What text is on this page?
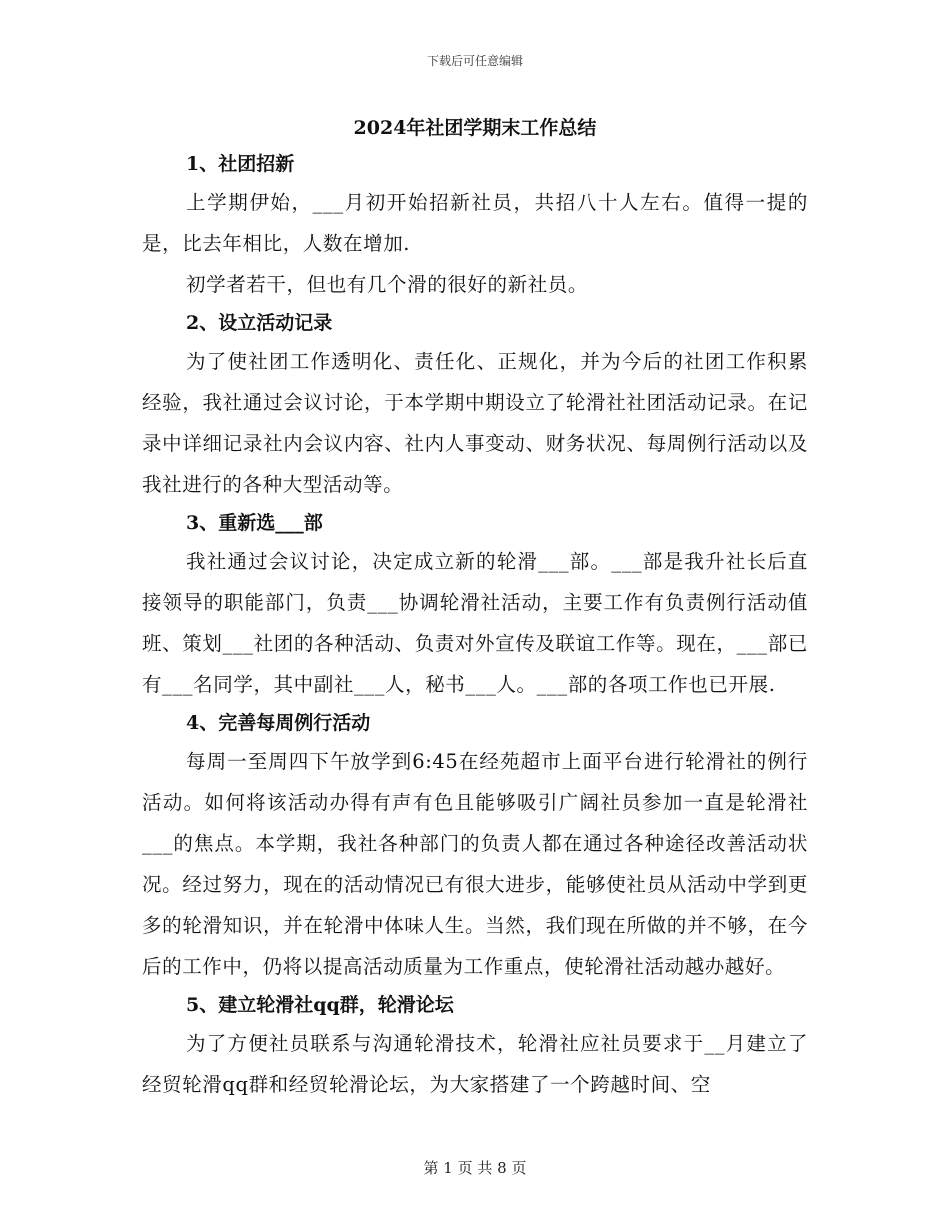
下载后可任意编辑
2024年社团学期末工作总结
1、社团招新

上学期伊始，___月初开始招新社员，共招八十人左右。值得一提的是，比去年相比，人数在增加.

初学者若干，但也有几个滑的很好的新社员。

2、设立活动记录

为了使社团工作透明化、责任化、正规化，并为今后的社团工作积累经验，我社通过会议讨论，于本学期中期设立了轮滑社社团活动记录。在记录中详细记录社内会议内容、社内人事变动、财务状况、每周例行活动以及我社进行的各种大型活动等。

3、重新选___部

我社通过会议讨论，决定成立新的轮滑___部。___部是我升社长后直接领导的职能部门，负责___协调轮滑社活动，主要工作有负责例行活动值班、策划___社团的各种活动、负责对外宣传及联谊工作等。现在，___部已有___名同学，其中副社___人，秘书___人。___部的各项工作也已开展.

4、完善每周例行活动

每周一至周四下午放学到6:45在经苑超市上面平台进行轮滑社的例行活动。如何将该活动办得有声有色且能够吸引广阔社员参加一直是轮滑社___的焦点。本学期，我社各种部门的负责人都在通过各种途径改善活动状况。经过努力，现在的活动情况已有很大进步，能够使社员从活动中学到更多的轮滑知识，并在轮滑中体味人生。当然，我们现在所做的并不够，在今后的工作中，仍将以提高活动质量为工作重点，使轮滑社活动越办越好。

5、建立轮滑社qq群，轮滑论坛

为了方便社员联系与沟通轮滑技术，轮滑社应社员要求于__月建立了经贸轮滑qq群和经贸轮滑论坛，为大家搭建了一个跨越时间、空

第 1 页 共 8 页
